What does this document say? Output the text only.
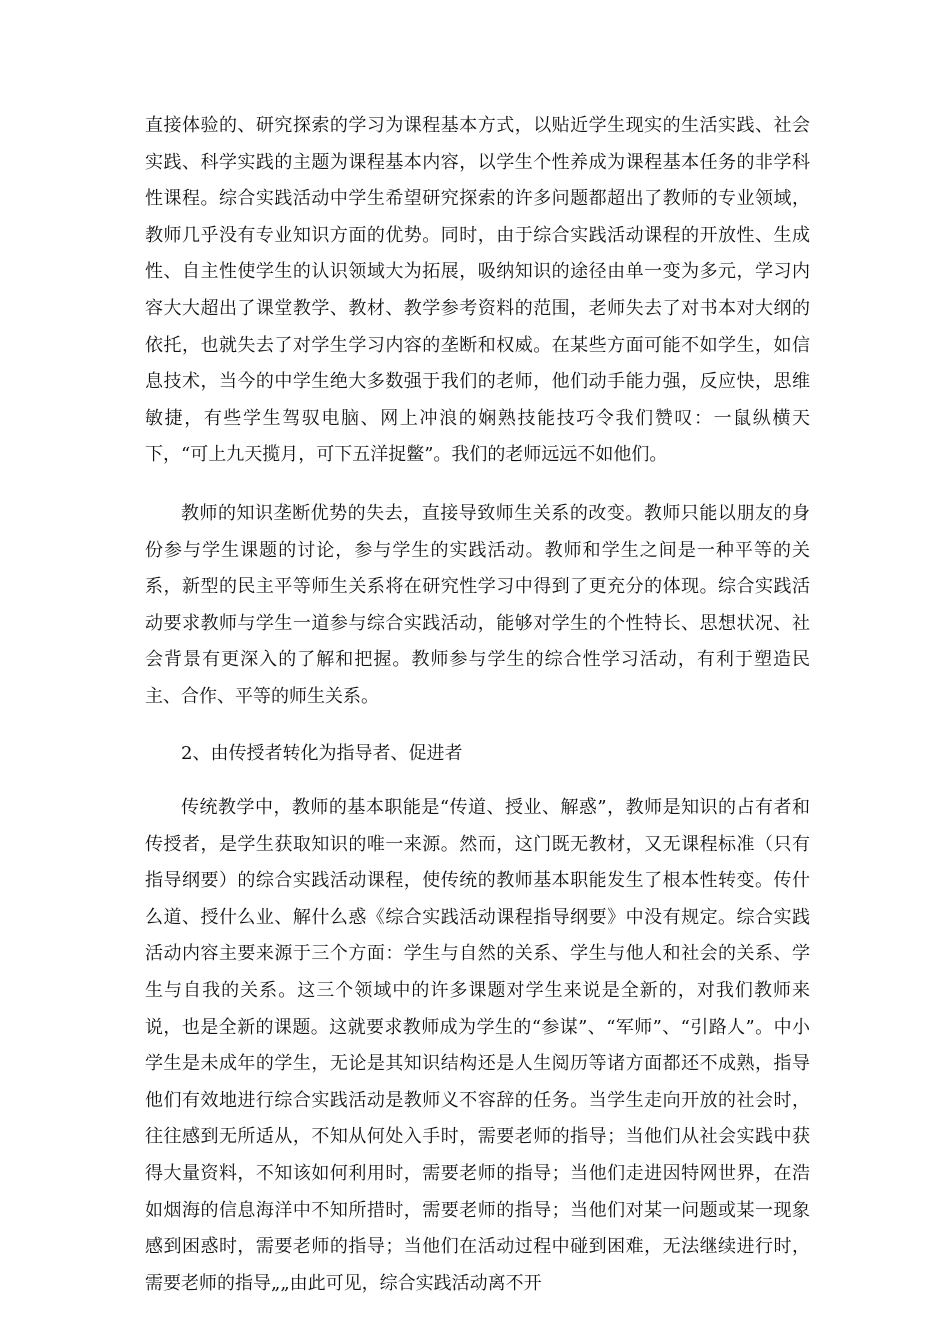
直接体验的、研究探索的学习为课程基本方式，以贴近学生现实的生活实践、社会实践、科学实践的主题为课程基本内容，以学生个性养成为课程基本任务的非学科性课程。综合实践活动中学生希望研究探索的许多问题都超出了教师的专业领域，教师几乎没有专业知识方面的优势。同时，由于综合实践活动课程的开放性、生成性、自主性使学生的认识领域大为拓展，吸纳知识的途径由单一变为多元，学习内容大大超出了课堂教学、教材、教学参考资料的范围，老师失去了对书本对大纲的依托，也就失去了对学生学习内容的垄断和权威。在某些方面可能不如学生，如信息技术，当今的中学生绝大多数强于我们的老师，他们动手能力强，反应快，思维敏捷，有些学生驾驭电脑、网上冲浪的娴熟技能技巧令我们赞叹：一鼠纵横天下，“可上九天揽月，可下五洋捉鳖”。我们的老师远远不如他们。

教师的知识垄断优势的失去，直接导致师生关系的改变。教师只能以朋友的身份参与学生课题的讨论，参与学生的实践活动。教师和学生之间是一种平等的关系，新型的民主平等师生关系将在研究性学习中得到了更充分的体现。综合实践活动要求教师与学生一道参与综合实践活动，能够对学生的个性特长、思想状况、社会背景有更深入的了解和把握。教师参与学生的综合性学习活动，有利于塑造民主、合作、平等的师生关系。

2、由传授者转化为指导者、促进者

传统教学中，教师的基本职能是“传道、授业、解惑”，教师是知识的占有者和传授者，是学生获取知识的唯一来源。然而，这门既无教材，又无课程标准（只有指导纲要）的综合实践活动课程，使传统的教师基本职能发生了根本性转变。传什么道、授什么业、解什么惑《综合实践活动课程指导纲要》中没有规定。综合实践活动内容主要来源于三个方面：学生与自然的关系、学生与他人和社会的关系、学生与自我的关系。这三个领域中的许多课题对学生来说是全新的，对我们教师来说，也是全新的课题。这就要求教师成为学生的“参谋”、“军师”、“引路人”。中小学生是未成年的学生，无论是其知识结构还是人生阅历等诸方面都还不成熟，指导他们有效地进行综合实践活动是教师义不容辞的任务。当学生走向开放的社会时，往往感到无所适从，不知从何处入手时，需要老师的指导；当他们从社会实践中获得大量资料，不知该如何利用时，需要老师的指导；当他们走进因特网世界，在浩如烟海的信息海洋中不知所措时，需要老师的指导；当他们对某一问题或某一现象感到困惑时，需要老师的指导；当他们在活动过程中碰到困难，无法继续进行时，需要老师的指导„„由此可见，综合实践活动离不开
